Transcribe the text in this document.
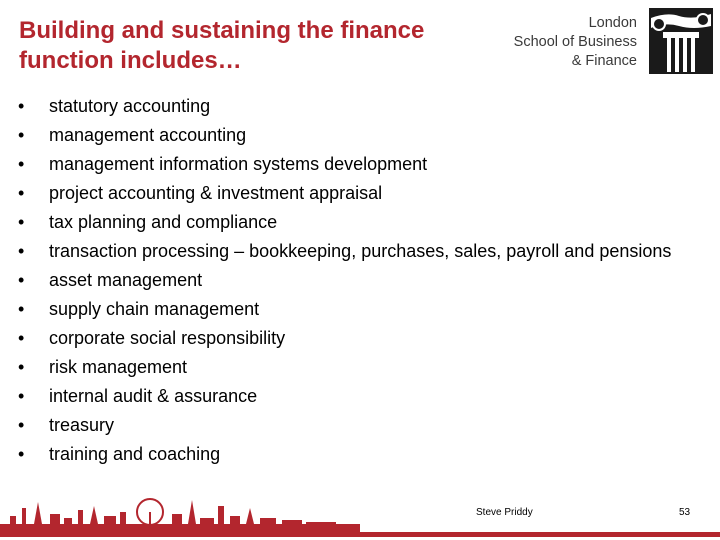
Building and sustaining the finance
function includes…
London
School of Business
& Finance
• statutory accounting
• management accounting
• management information systems development
• project accounting & investment appraisal
• tax planning and compliance
• transaction processing – bookkeeping, purchases, sales, payroll and pensions
• asset management
• supply chain management
• corporate social responsibility
• risk management
• internal audit & assurance
• treasury
• training and coaching
Steve Priddy	53
